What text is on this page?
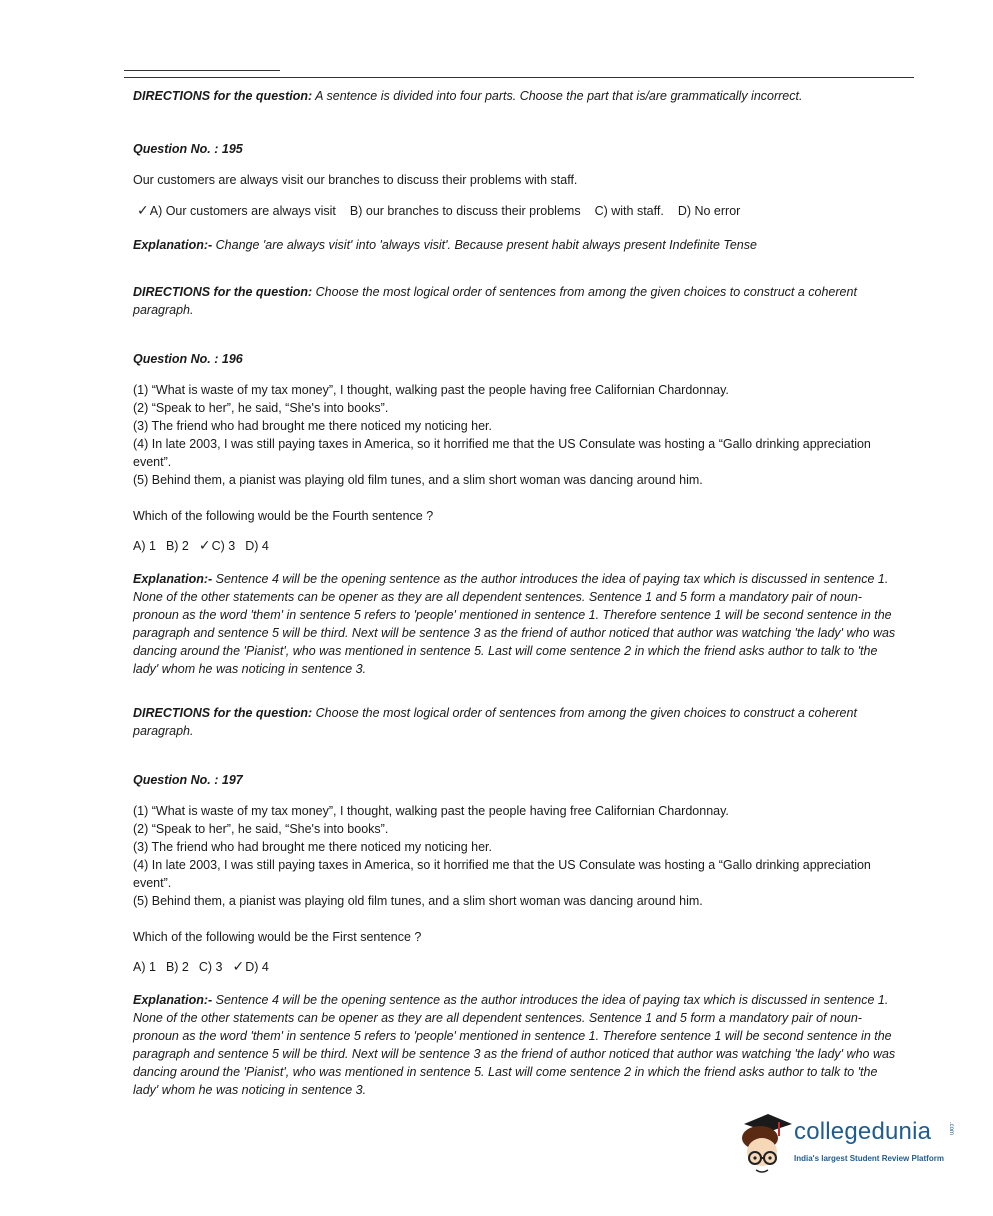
DIRECTIONS for the question: A sentence is divided into four parts. Choose the part that is/are grammatically incorrect.

Question No. : 195

Our customers are always visit our branches to discuss their problems with staff.

✓A) Our customers are always visit B) our branches to discuss their problems C) with staff. D) No error

Explanation:- Change 'are always visit' into 'always visit'. Because present habit always present Indefinite Tense

DIRECTIONS for the question: Choose the most logical order of sentences from among the given choices to construct a coherent paragraph.

Question No. : 196

(1) “What is waste of my tax money”, I thought, walking past the people having free Californian Chardonnay.

(2) “Speak to her”, he said, “She's into books”.

(3) The friend who had brought me there noticed my noticing her.

(4) In late 2003, I was still paying taxes in America, so it horrified me that the US Consulate was hosting a “Gallo drinking appreciation event”.

(5) Behind them, a pianist was playing old film tunes, and a slim short woman was dancing around him.

Which of the following would be the Fourth sentence ?

A) 1 B) 2 ✓C) 3 D) 4

Explanation:- Sentence 4 will be the opening sentence as the author introduces the idea of paying tax which is discussed in sentence 1. None of the other statements can be opener as they are all dependent sentences. Sentence 1 and 5 form a mandatory pair of noun-pronoun as the word 'them' in sentence 5 refers to 'people' mentioned in sentence 1. Therefore sentence 1 will be second sentence in the paragraph and sentence 5 will be third. Next will be sentence 3 as the friend of author noticed that author was watching 'the lady' who was dancing around the 'Pianist', who was mentioned in sentence 5. Last will come sentence 2 in which the friend asks author to talk to 'the lady' whom he was noticing in sentence 3.

DIRECTIONS for the question: Choose the most logical order of sentences from among the given choices to construct a coherent paragraph.

Question No. : 197

(1) “What is waste of my tax money”, I thought, walking past the people having free Californian Chardonnay.

(2) “Speak to her”, he said, “She's into books”.

(3) The friend who had brought me there noticed my noticing her.

(4) In late 2003, I was still paying taxes in America, so it horrified me that the US Consulate was hosting a “Gallo drinking appreciation event”.

(5) Behind them, a pianist was playing old film tunes, and a slim short woman was dancing around him.

Which of the following would be the First sentence ?

A) 1 B) 2 C) 3 ✓D) 4

Explanation:- Sentence 4 will be the opening sentence as the author introduces the idea of paying tax which is discussed in sentence 1. None of the other statements can be opener as they are all dependent sentences. Sentence 1 and 5 form a mandatory pair of noun-pronoun as the word 'them' in sentence 5 refers to 'people' mentioned in sentence 1. Therefore sentence 1 will be second sentence in the paragraph and sentence 5 will be third. Next will be sentence 3 as the friend of author noticed that author was watching 'the lady' who was dancing around the 'Pianist', who was mentioned in sentence 5. Last will come sentence 2 in which the friend asks author to talk to 'the lady' whom he was noticing in sentence 3.

collegedunia	.com
India's largest Student Review Platform
